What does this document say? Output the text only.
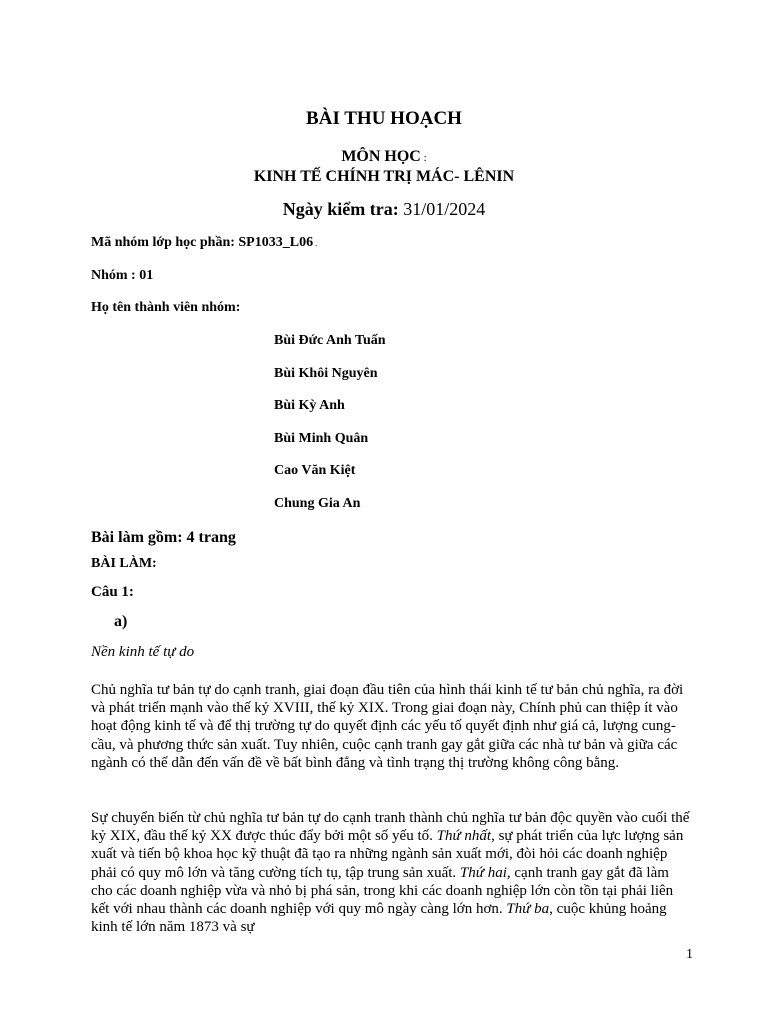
BÀI THU HOẠCH
MÔN HỌC :
KINH TẾ CHÍNH TRỊ MÁC- LÊNIN
Ngày kiểm tra: 31/01/2024
Mã nhóm lớp học phần: SP1033_L06 .
Nhóm : 01
Họ tên thành viên nhóm:
Bùi Đức Anh Tuấn
Bùi Khôi Nguyên
Bùi Kỳ Anh
Bùi Minh Quân
Cao Văn Kiệt
Chung Gia An
Bài làm gồm: 4 trang
BÀI LÀM:
Câu 1:
a)
Nền kinh tế tự do
Chủ nghĩa tư bản tự do cạnh tranh, giai đoạn đầu tiên của hình thái kinh tế tư bản chủ nghĩa, ra đời và phát triển mạnh vào thế kỷ XVIII, thế kỷ XIX. Trong giai đoạn này, Chính phủ can thiệp ít vào hoạt động kinh tế và để thị trường tự do quyết định các yếu tố quyết định như giá cả, lượng cung-cầu, và phương thức sản xuất. Tuy nhiên, cuộc cạnh tranh gay gắt giữa các nhà tư bản và giữa các ngành có thể dẫn đến vấn đề về bất bình đẳng và tình trạng thị trường không công bằng.
Sự chuyển biến từ chủ nghĩa tư bản tự do cạnh tranh thành chủ nghĩa tư bản độc quyền vào cuối thế kỷ XIX, đầu thế kỷ XX được thúc đẩy bởi một số yếu tố. Thứ nhất, sự phát triển của lực lượng sản xuất và tiến bộ khoa học kỹ thuật đã tạo ra những ngành sản xuất mới, đòi hỏi các doanh nghiệp phải có quy mô lớn và tăng cường tích tụ, tập trung sản xuất. Thứ hai, cạnh tranh gay gắt đã làm cho các doanh nghiệp vừa và nhỏ bị phá sản, trong khi các doanh nghiệp lớn còn tồn tại phải liên kết với nhau thành các doanh nghiệp với quy mô ngày càng lớn hơn. Thứ ba, cuộc khủng hoảng kinh tế lớn năm 1873 và sự
1
